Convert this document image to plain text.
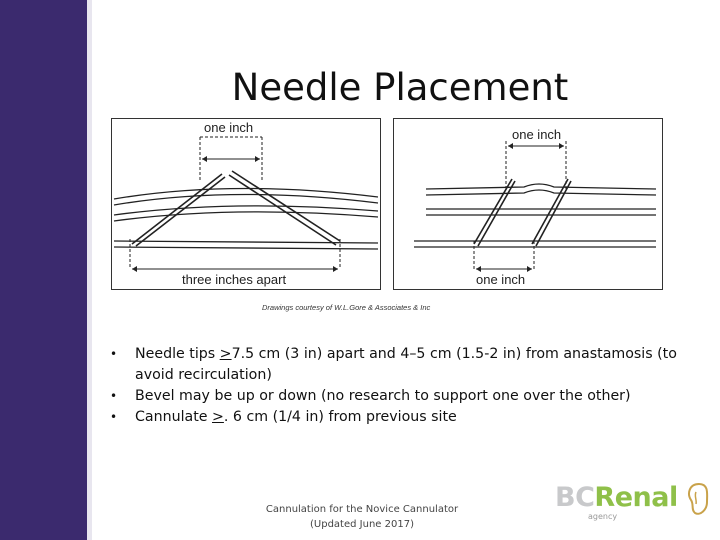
Needle Placement
one inch
three inches apart
one inch
one inch
Drawings courtesy of W.L.Gore & Associates & Inc
• Needle tips >7.5 cm (3 in) apart and 4–5 cm (1.5-2 in) from anastamosis (to avoid recirculation)
• Bevel may be up or down (no research to support one over the other)
• Cannulate >. 6 cm (1/4 in) from previous site
Cannulation for the Novice Cannulator
(Updated June 2017)
BCRenal
agency
